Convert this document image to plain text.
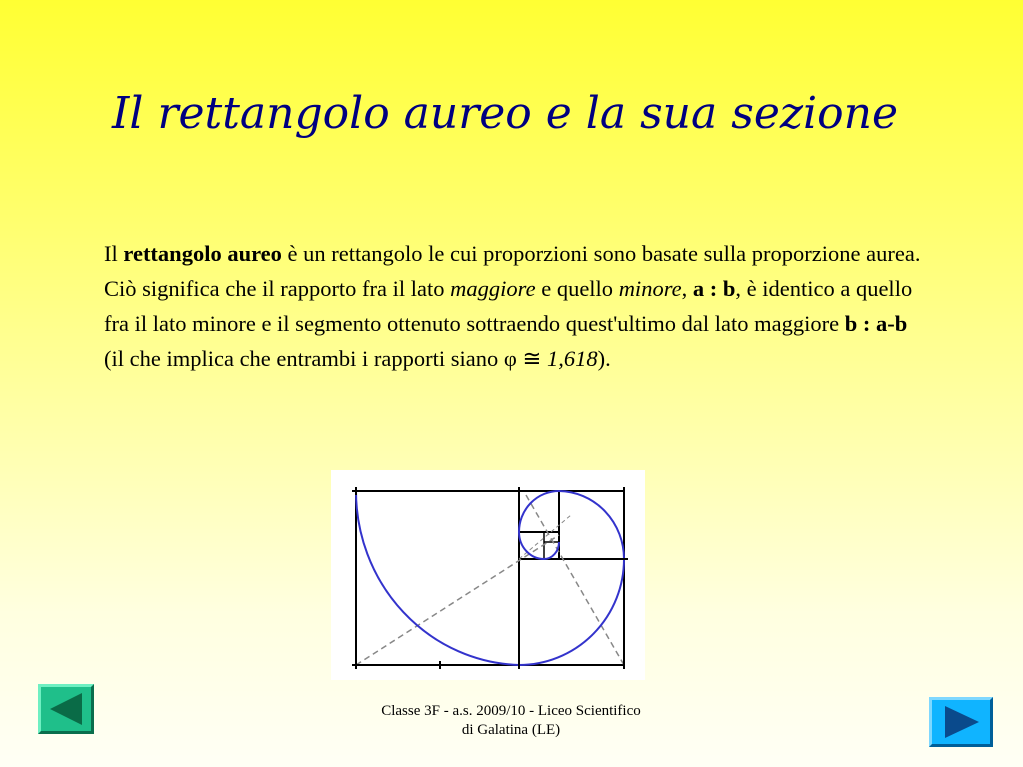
Il rettangolo aureo e la sua sezione
Il rettangolo aureo è un rettangolo le cui proporzioni sono basate sulla proporzione aurea. Ciò significa che il rapporto fra il lato maggiore e quello minore, a : b, è identico a quello fra il lato minore e il segmento ottenuto sottraendo quest'ultimo dal lato maggiore b : a-b (il che implica che entrambi i rapporti siano φ ≅ 1,618).
Classe 3F - a.s. 2009/10 - Liceo Scientifico
di Galatina (LE)
